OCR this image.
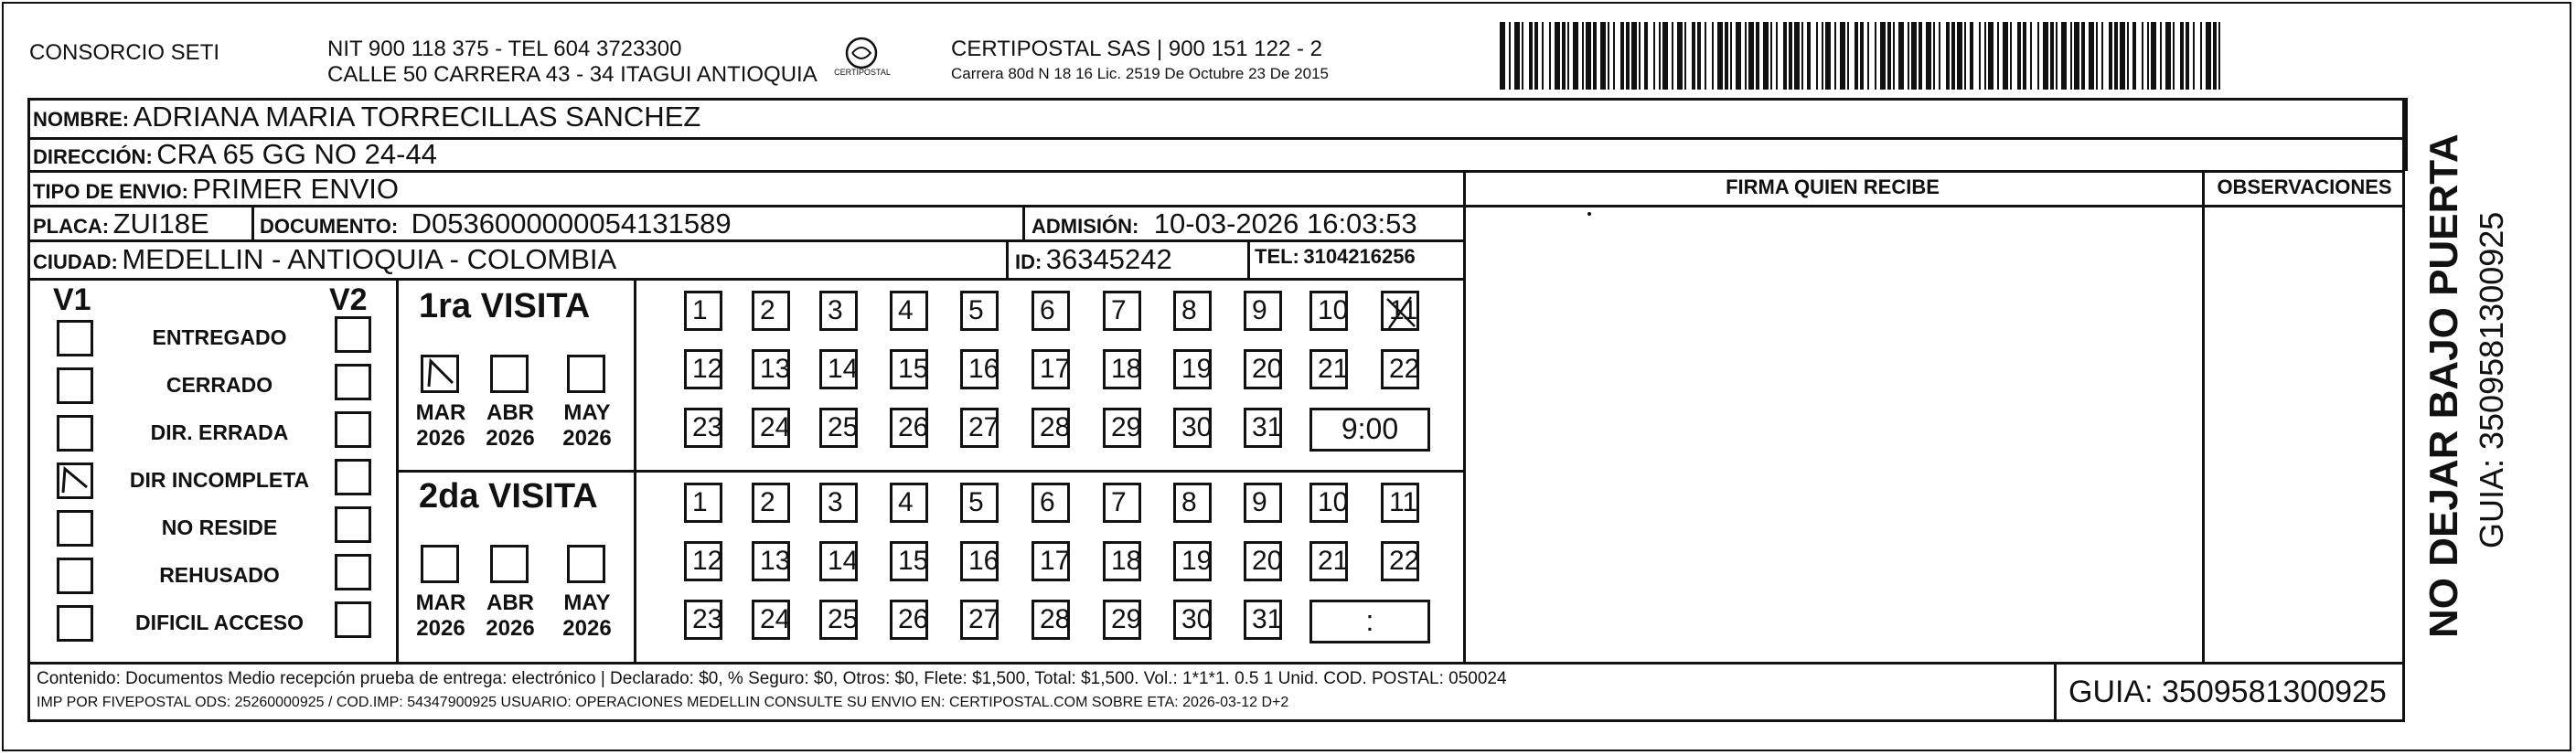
CONSORCIO SETI	NIT 900 118 375 - TEL 604 3723300
CALLE 50 CARRERA 43 - 34 ITAGUI ANTIOQUIA	CERTIPOSTAL
CERTIPOSTAL SAS | 900 151 122 - 2
Carrera 80d N 18 16 Lic. 2519 De Octubre 23 De 2015
NOMBRE: ADRIANA MARIA TORRECILLAS SANCHEZ
DIRECCIÓN: CRA 65 GG NO 24-44
TIPO DE ENVIO: PRIMER ENVIO
PLACA: ZUI18E	DOCUMENTO: D0536000000054131589	ADMISIÓN: 10-03-2026 16:03:53
CIUDAD: MEDELLIN - ANTIOQUIA - COLOMBIA	ID: 36345242	TEL: 3104216256
FIRMA QUIEN RECIBE	OBSERVACIONES
V1	V2
ENTREGADO
CERRADO
DIR. ERRADA
DIR INCOMPLETA
NO RESIDE
REHUSADO
DIFICIL ACCESO
1ra VISITA
2da VISITA
1	2	3	4	5	6	7	8	9	10	11
12	13	14	15	16	17	18	19	20	21	22
23	24	25	26	27	28	29	30	31	9:00
1	2	3	4	5	6	7	8	9	10	11
12	13	14	15	16	17	18	19	20	21	22
23	24	25	26	27	28	29	30	31	:
MAR
2026
ABR
2026
MAY
2026
MAR
2026
ABR
2026
MAY
2026	NO DEJAR BAJO PUERTA GUIA: 3509581300925
Contenido: Documentos Medio recepción prueba de entrega: electrónico | Declarado: $0, % Seguro: $0, Otros: $0, Flete: $1,500, Total: $1,500. Vol.: 1*1*1. 0.5 1 Unid. COD. POSTAL: 050024
IMP POR FIVEPOSTAL ODS: 25260000925 / COD.IMP: 54347900925 USUARIO: OPERACIONES MEDELLIN CONSULTE SU ENVIO EN: CERTIPOSTAL.COM SOBRE ETA: 2026-03-12 D+2	GUIA: 3509581300925
